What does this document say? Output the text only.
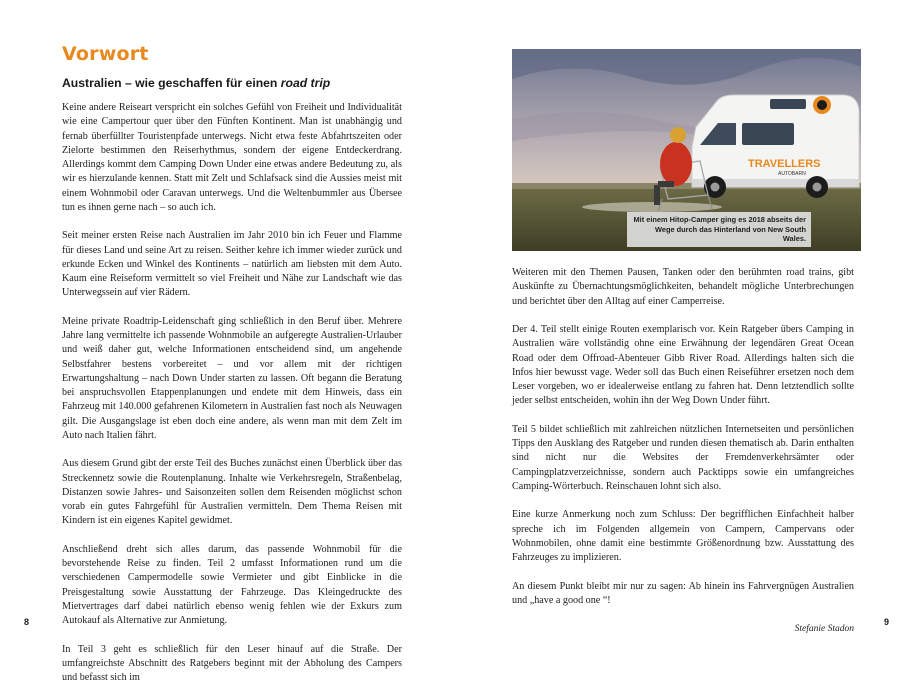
Vorwort
Australien – wie geschaffen für einen road trip

Keine andere Reiseart verspricht ein solches Gefühl von Freiheit und Individualität wie eine Campertour quer über den Fünften Kontinent. Man ist unabhängig und fernab überfüllter Touristenpfade unterwegs. Nicht etwa feste Abfahrtszeiten oder Zielorte bestimmen den Reiserhythmus, sondern der eigene Entdeckerdrang. Allerdings kommt dem Camping Down Under eine etwas andere Bedeutung zu, als wir es hierzulande kennen. Statt mit Zelt und Schlafsack sind die Aussies meist mit einem Wohnmobil oder Caravan unterwegs. Und die Weltenbummler aus Übersee tun es ihnen gerne nach – so auch ich.

Seit meiner ersten Reise nach Australien im Jahr 2010 bin ich Feuer und Flamme für dieses Land und seine Art zu reisen. Seither kehre ich immer wieder zurück und erkunde Ecken und Winkel des Kontinents – natürlich am liebsten mit dem Auto. Kaum eine Reiseform vermittelt so viel Freiheit und Nähe zur Landschaft wie das Unterwegssein auf vier Rädern.

Meine private Roadtrip-Leidenschaft ging schließlich in den Beruf über. Mehrere Jahre lang vermittelte ich passende Wohnmobile an aufgeregte Australien-Urlauber und weiß daher gut, welche Informationen entscheidend sind, um angehende Selbstfahrer bestens vorbereitet – und vor allem mit der richtigen Erwartungshaltung – nach Down Under starten zu lassen. Oft begann die Beratung bei anspruchsvollen Etappenplanungen und endete mit dem Hinweis, dass ein Fahrzeug mit 140.000 gefahrenen Kilometern in Australien fast noch als Neuwagen gilt. Die Ausgangslage ist eben doch eine andere, als wenn man mit dem Zelt im Auto nach Italien fährt.

Aus diesem Grund gibt der erste Teil des Buches zunächst einen Überblick über das Streckennetz sowie die Routenplanung. Inhalte wie Verkehrsregeln, Straßenbelag, Distanzen sowie Jahres- und Saisonzeiten sollen dem Reisenden möglichst schon vorab ein gutes Fahrgefühl für Australien vermitteln. Dem Thema Reisen mit Kindern ist ein eigenes Kapitel gewidmet.

Anschließend dreht sich alles darum, das passende Wohnmobil für die bevorstehende Reise zu finden. Teil 2 umfasst Informationen rund um die verschiedenen Campermodelle sowie Vermieter und gibt Einblicke in die Preisgestaltung sowie Ausstattung der Fahrzeuge. Das Kleingedruckte des Mietvertrages darf dabei natürlich ebenso wenig fehlen wie der Exkurs zum Autokauf als Alternative zur Anmietung.

In Teil 3 geht es schließlich für den Leser hinauf auf die Straße. Der umfangreichste Abschnitt des Ratgebers beginnt mit der Abholung des Campers und befasst sich im

8
TRAVELLERS
AUTOBARN
Mit einem Hitop-Camper ging es 2018 abseits der Wege durch das Hinterland von New South Wales.

Weiteren mit den Themen Pausen, Tanken oder den berühmten road trains, gibt Auskünfte zu Übernachtungsmöglichkeiten, behandelt mögliche Unterbrechungen und berichtet über den Alltag auf einer Camperreise.

Der 4. Teil stellt einige Routen exemplarisch vor. Kein Ratgeber übers Camping in Australien wäre vollständig ohne eine Erwähnung der legendären Great Ocean Road oder dem Offroad-Abenteuer Gibb River Road. Allerdings halten sich die Infos hier bewusst vage. Weder soll das Buch einen Reiseführer ersetzen noch dem Leser vorgeben, wo er idealerweise entlang zu fahren hat. Denn letztendlich sollte jeder selbst entscheiden, wohin ihn der Weg Down Under führt.

Teil 5 bildet schließlich mit zahlreichen nützlichen Internetseiten und persönlichen Tipps den Ausklang des Ratgeber und runden diesen thematisch ab. Darin enthalten sind nicht nur die Websites der Fremdenverkehrsämter oder Campingplatzverzeichnisse, sondern auch Packtipps sowie ein umfangreiches Camping-Wörterbuch. Reinschauen lohnt sich also.

Eine kurze Anmerkung noch zum Schluss: Der begrifflichen Einfachheit halber spreche ich im Folgenden allgemein von Campern, Campervans oder Wohnmobilen, ohne damit eine bestimmte Größenordnung bzw. Ausstattung des Fahrzeuges zu implizieren.

An diesem Punkt bleibt mir nur zu sagen: Ab hinein ins Fahrvergnügen Australien und „have a good one “!

Stefanie Stadon

9
